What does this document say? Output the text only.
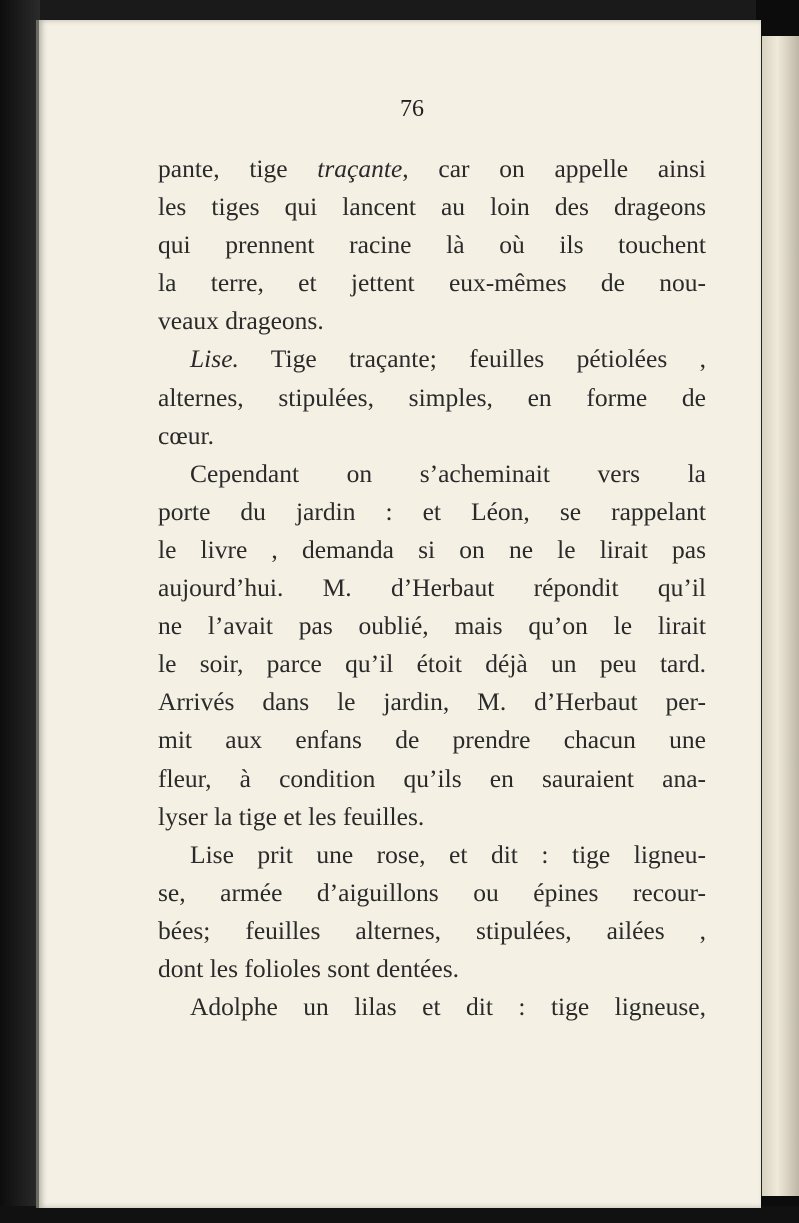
76
pante, tige traçante, car on appelle ainsi
les tiges qui lancent au loin des drageons
qui prennent racine là où ils touchent
la terre, et jettent eux-mêmes de nou-
veaux drageons.
Lise. Tige traçante; feuilles pétiolées ,
alternes, stipulées, simples, en forme de
cœur.
Cependant on s’acheminait vers la
porte du jardin : et Léon, se rappelant
le livre , demanda si on ne le lirait pas
aujourd’hui. M. d’Herbaut répondit qu’il
ne l’avait pas oublié, mais qu’on le lirait
le soir, parce qu’il étoit déjà un peu tard.
Arrivés dans le jardin, M. d’Herbaut per-
mit aux enfans de prendre chacun une
fleur, à condition qu’ils en sauraient ana-
lyser la tige et les feuilles.
Lise prit une rose, et dit : tige ligneu-
se, armée d’aiguillons ou épines recour-
bées; feuilles alternes, stipulées, ailées ,
dont les folioles sont dentées.
Adolphe un lilas et dit : tige ligneuse,
